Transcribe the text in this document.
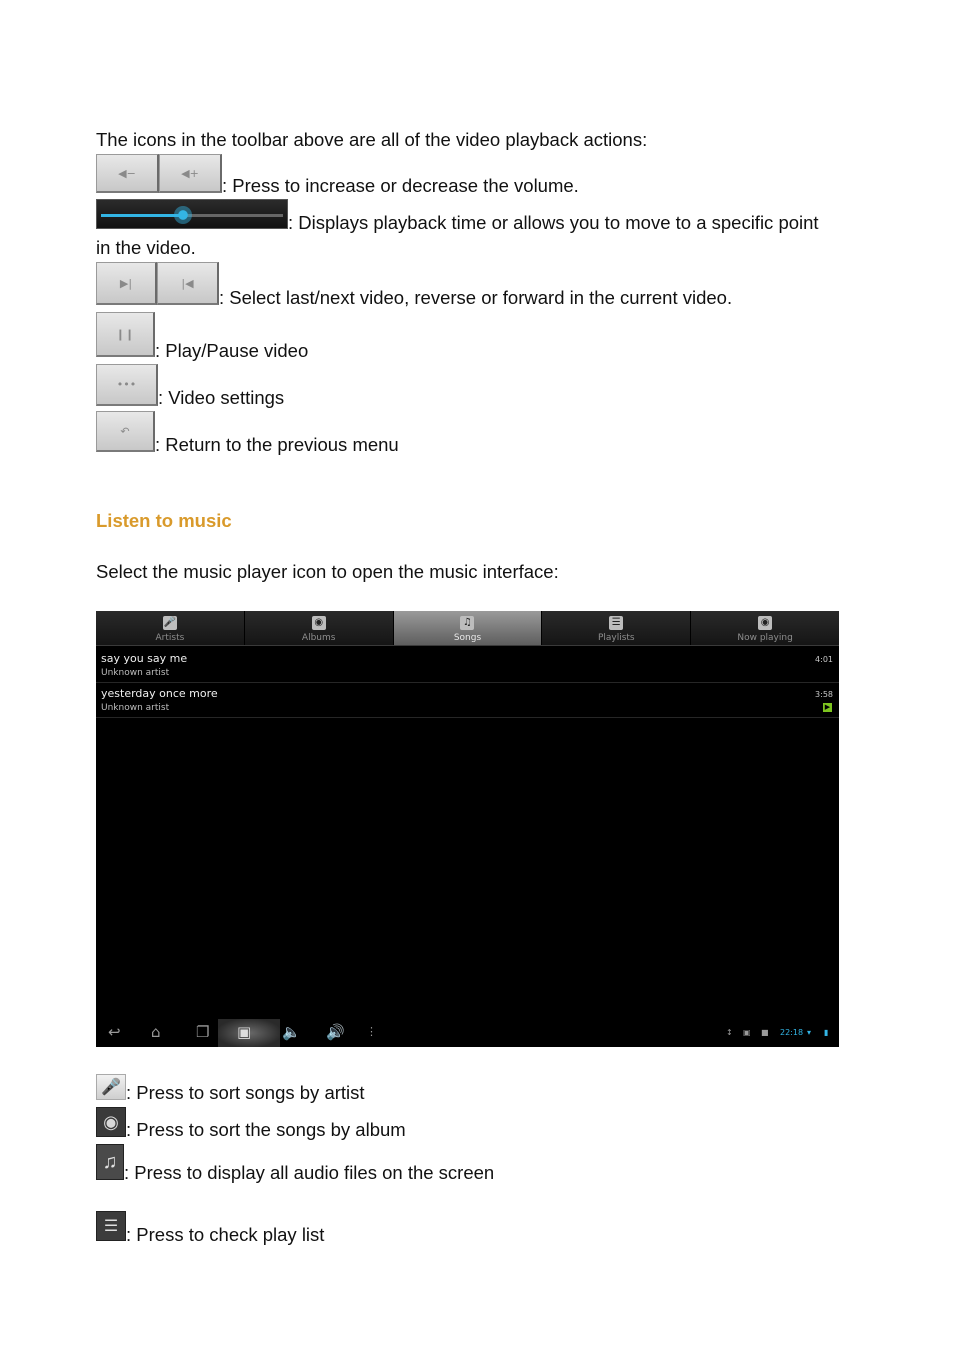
The icons in the toolbar above are all of the video playback actions:
◀−	◀+
: Press to increase or decrease the volume.
: Displays playback time or allows you to move to a specific point
in the video.
▶|	|◀
: Select last/next video, reverse or forward in the current video.
❙❙
: Play/Pause video
•••
: Video settings
↶
: Return to the previous menu
Listen to music
Select the music player icon to open the music interface:
🎤
Artists
◉
Albums
♫
Songs
☰
Playlists
◉
Now playing
say you say me
Unknown artist
4:01
yesterday once more
Unknown artist
3:58
▶
↩ ⌂ ❐ ▣ 🔈 🔊 ⋮	↕ ▣ ■ 22:18 ▾ ▮
🎤 : Press to sort songs by artist
◉ : Press to sort the songs by album
♫ : Press to display all audio files on the screen
☰ : Press to check play list
